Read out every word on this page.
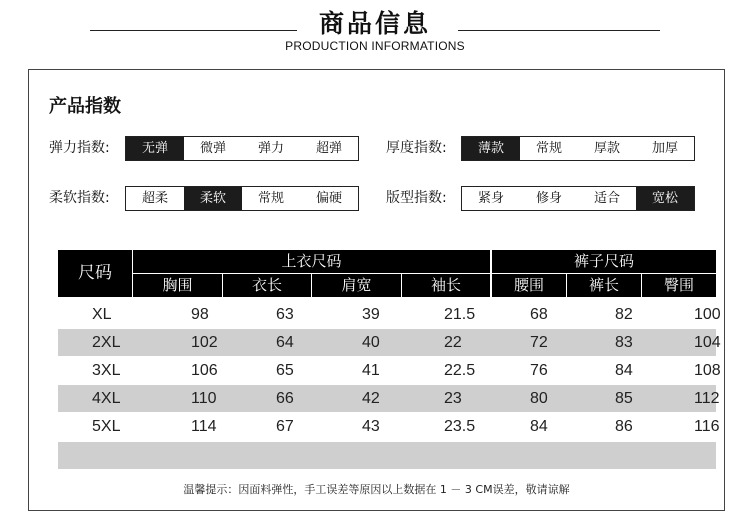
商品信息
PRODUCTION INFORMATIONS
产品指数
弹力指数:	无弹	微弹	弹力	超弹	厚度指数:	薄款	常规	厚款	加厚
柔软指数:	超柔	柔软	常规	偏硬	版型指数:	紧身	修身	适合	宽松
尺码
上衣尺码	裤子尺码
胸围	衣长	肩宽	袖长	腰围	裤长	臀围
XL	98	63	39	21.5	68	82	100
2XL	102	64	40	22	72	83	104
3XL	106	65	41	22.5	76	84	108
4XL	110	66	42	23	80	85	112
5XL	114	67	43	23.5	84	86	116
温馨提示：因面料弹性，手工误差等原因以上数据在 1 － 3 CM误差，敬请谅解
